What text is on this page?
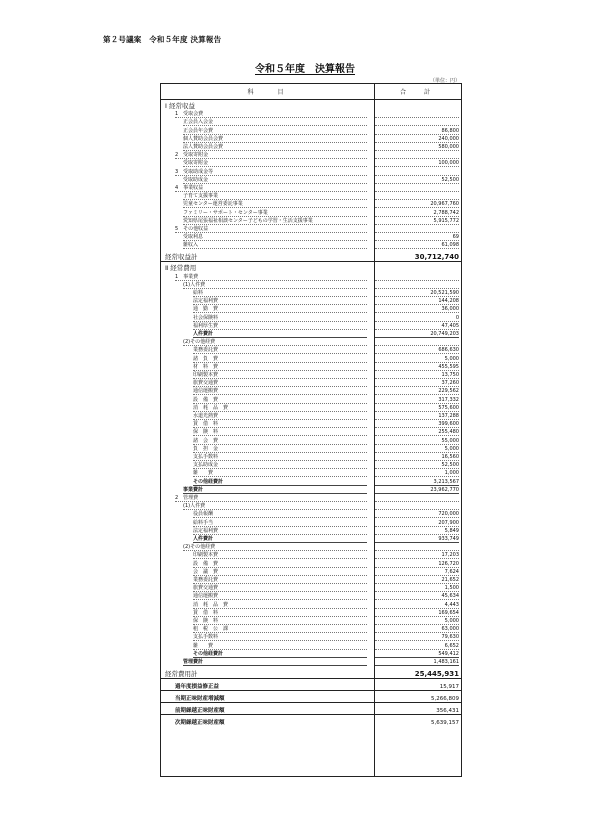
第２号議案　令和５年度 決算報告
令和５年度　決算報告
（単位：円）
科　　目	合　計
Ⅰ 経常収益
1　受取会費
正会員入会金
正会員年会費	86,800
個人賛助会員会費	240,000
法人賛助会員会費	580,000
2　受取寄附金
受取寄附金	100,000
3　受取助成金等
受取助成金	52,500
4　事業収益
子育て支援事業
児童センター運営委託事業	20,967,760
ファミリー・サポート・センター事業	2,788,742
愛知県尾張福祉相談センター子どもの学習・生活支援事業	5,915,772
5　その他収益
受取利息	69
雑収入	61,098
経常収益計	30,712,740
Ⅱ 経常費用
1　事業費
(1)人件費
給料	20,521,590
法定福利費	144,208
通　勤　費	36,000
社会保険料	0
福利厚生費	47,405
人件費計	20,749,203
(2)その他経費
業務委託費	686,630
諸　負　費	5,000
材　料　費	455,595
印刷製本費	13,750
旅費交通費	37,260
通信運搬費	229,562
設　備　費	317,332
消　耗　品　費	575,600
水道光熱費	137,288
賃　借　料	399,600
保　険　料	255,480
諸　会　費	55,000
負　担　金	5,000
支払手数料	16,560
支払助成金	52,500
雑　　費	1,000
その他経費計	3,213,567
事業費計	23,962,770
2　管理費
(1)人件費
役員報酬	720,000
給料手当	207,900
法定福利費	5,849
人件費計	933,749
(2)その他経費
印刷製本費	17,203
設　備　費	126,720
会　議　費	7,624
業務委託費	21,652
旅費交通費	1,500
通信運搬費	45,634
消　耗　品　費	4,443
賃　借　料	169,654
保　険　料	5,000
租　税　公　課	63,000
支払手数料	79,630
雑　　費	6,652
その他経費計	549,412
管理費計	1,483,161
経常費用計	25,445,931
過年度損益修正益	15,917
当期正味財産増減額	5,266,809
前期繰越正味財産額	356,431
次期繰越正味財産額	5,639,157
